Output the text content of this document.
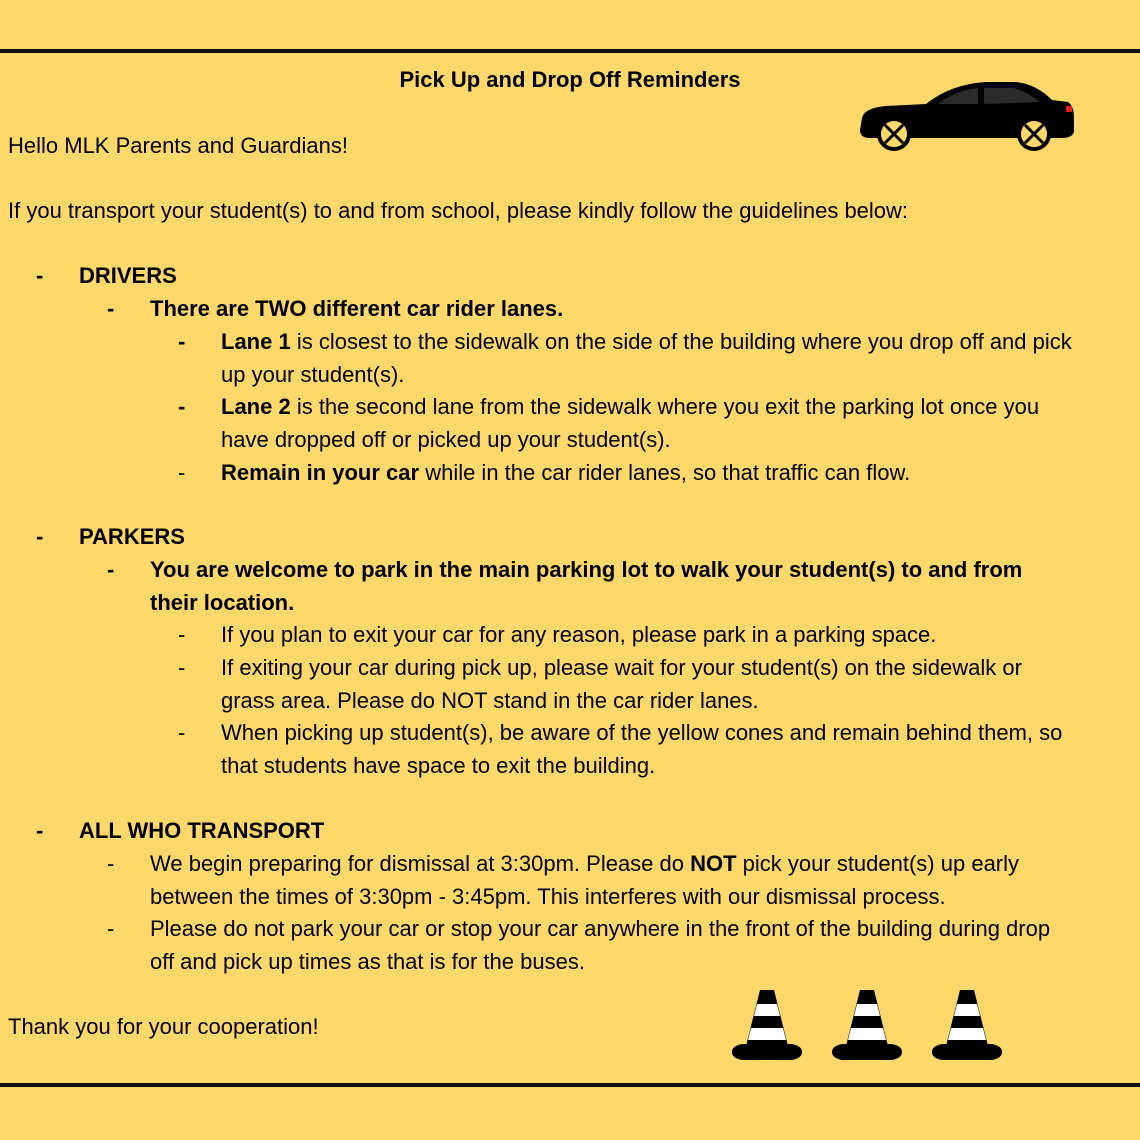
Pick Up and Drop Off Reminders
Hello MLK Parents and Guardians!
If you transport your student(s) to and from school, please kindly follow the guidelines below:
- DRIVERS
- There are TWO different car rider lanes.
- Lane 1 is closest to the sidewalk on the side of the building where you drop off and pick
up your student(s).
- Lane 2 is the second lane from the sidewalk where you exit the parking lot once you
have dropped off or picked up your student(s).
- Remain in your car while in the car rider lanes, so that traffic can flow.
- PARKERS
- You are welcome to park in the main parking lot to walk your student(s) to and from
their location.
- If you plan to exit your car for any reason, please park in a parking space.
- If exiting your car during pick up, please wait for your student(s) on the sidewalk or
grass area. Please do NOT stand in the car rider lanes.
- When picking up student(s), be aware of the yellow cones and remain behind them, so
that students have space to exit the building.
- ALL WHO TRANSPORT
- We begin preparing for dismissal at 3:30pm. Please do NOT pick your student(s) up early
between the times of 3:30pm - 3:45pm. This interferes with our dismissal process.
- Please do not park your car or stop your car anywhere in the front of the building during drop
off and pick up times as that is for the buses.
Thank you for your cooperation!
